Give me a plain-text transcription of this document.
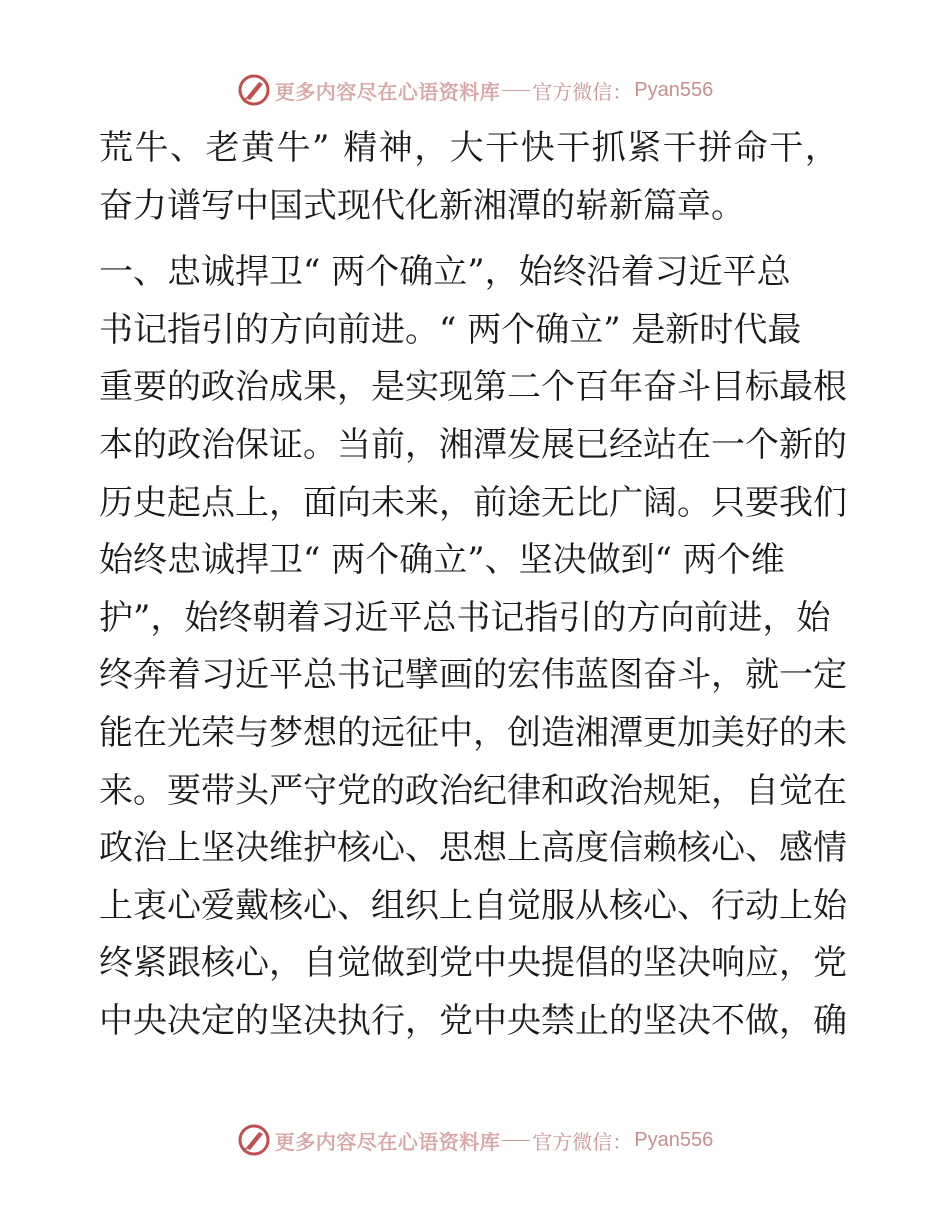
更多内容尽在心语资料库 官方微信： Pyan556
荒牛、老黄牛” 精神，大干快干抓紧干拼命干，
奋力谱写中国式现代化新湘潭的崭新篇章。
一、忠诚捍卫“ 两个确立”，始终沿着习近平总
书记指引的方向前进。“ 两个确立” 是新时代最
重要的政治成果，是实现第二个百年奋斗目标最根
本的政治保证。当前，湘潭发展已经站在一个新的
历史起点上，面向未来，前途无比广阔。只要我们
始终忠诚捍卫“ 两个确立”、坚决做到“ 两个维
护”，始终朝着习近平总书记指引的方向前进，始
终奔着习近平总书记擘画的宏伟蓝图奋斗，就一定
能在光荣与梦想的远征中，创造湘潭更加美好的未
来。要带头严守党的政治纪律和政治规矩，自觉在
政治上坚决维护核心、思想上高度信赖核心、感情
上衷心爱戴核心、组织上自觉服从核心、行动上始
终紧跟核心，自觉做到党中央提倡的坚决响应，党
中央决定的坚决执行，党中央禁止的坚决不做，确
更多内容尽在心语资料库 官方微信： Pyan556
